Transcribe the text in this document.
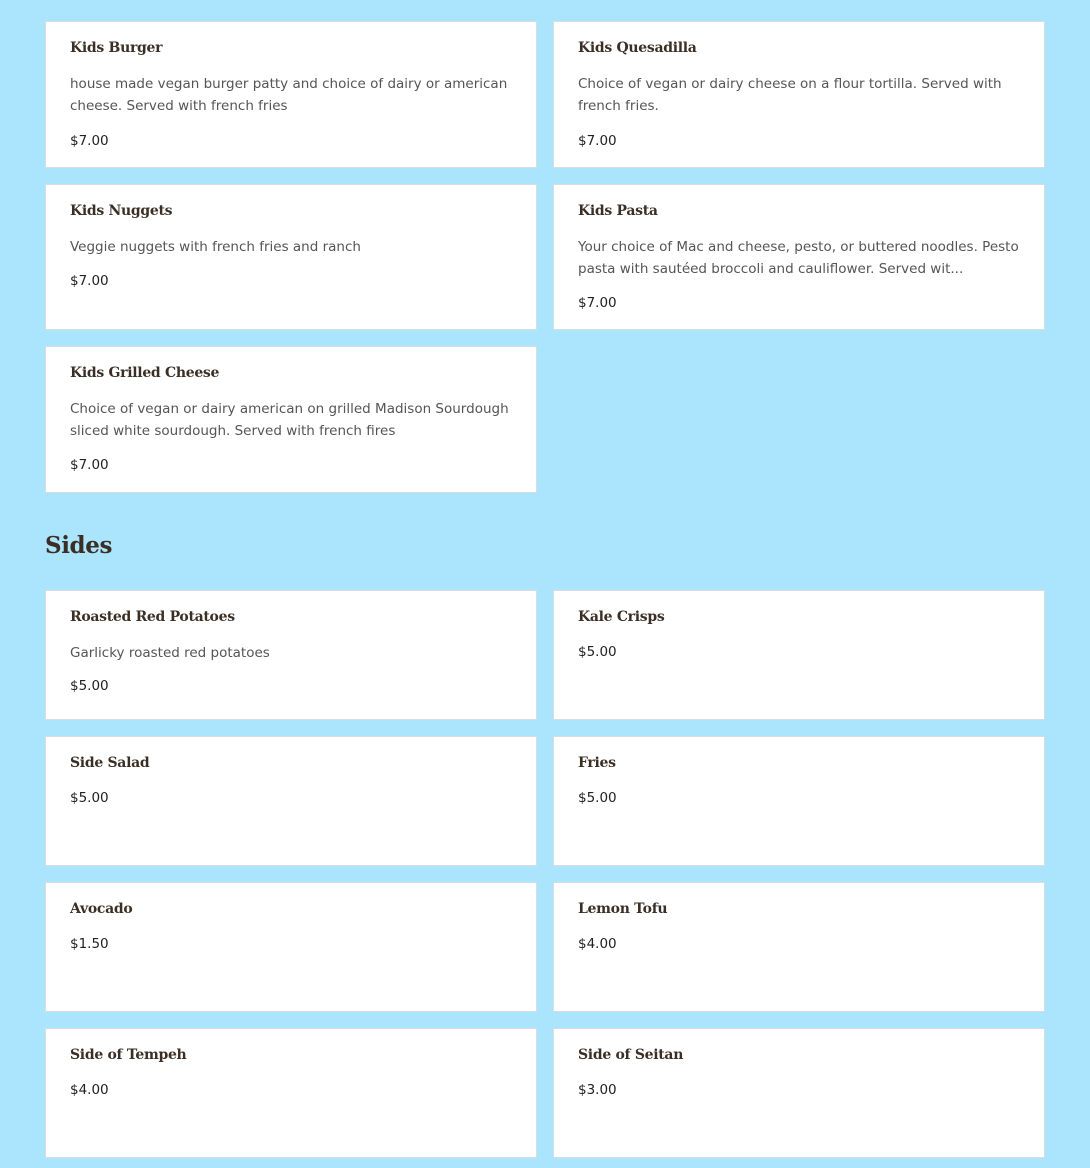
Kids Burger
house made vegan burger patty and choice of dairy or american cheese. Served with french fries
$7.00
Kids Quesadilla
Choice of vegan or dairy cheese on a flour tortilla. Served with french fries.
$7.00
Kids Nuggets
Veggie nuggets with french fries and ranch
$7.00
Kids Pasta
Your choice of Mac and cheese, pesto, or buttered noodles. Pesto pasta with sautéed broccoli and cauliflower. Served wit...
$7.00
Kids Grilled Cheese
Choice of vegan or dairy american on grilled Madison Sourdough sliced white sourdough. Served with french fires
$7.00
Sides
Roasted Red Potatoes
Garlicky roasted red potatoes
$5.00
Kale Crisps
$5.00
Side Salad
$5.00
Fries
$5.00
Avocado
$1.50
Lemon Tofu
$4.00
Side of Tempeh
$4.00
Side of Seitan
$3.00
